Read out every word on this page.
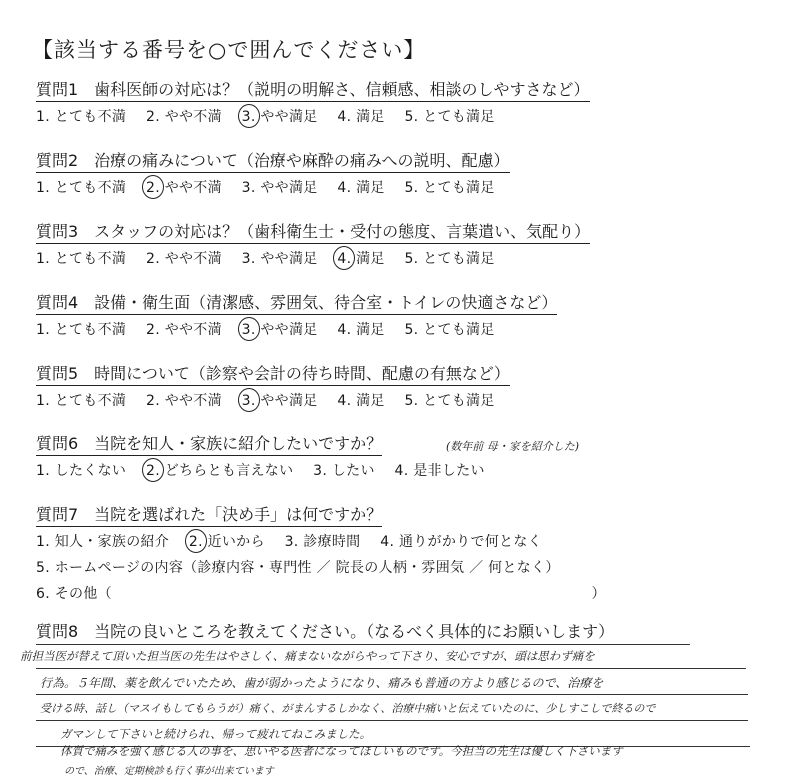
【該当する番号を○で囲んでください】
質問1　歯科医師の対応は？（説明の明解さ、信頼感、相談のしやすさなど）
1. とても不満 2. やや不満 3. やや満足 4. 満足 5. とても満足
質問2　治療の痛みについて（治療や麻酔の痛みへの説明、配慮）
1. とても不満 2. やや不満 3. やや満足 4. 満足 5. とても満足
質問3　スタッフの対応は？（歯科衛生士・受付の態度、言葉遣い、気配り）
1. とても不満 2. やや不満 3. やや満足 4. 満足 5. とても満足
質問4　設備・衛生面（清潔感、雰囲気、待合室・トイレの快適さなど）
1. とても不満 2. やや不満 3. やや満足 4. 満足 5. とても満足
質問5　時間について（診察や会計の待ち時間、配慮の有無など）
1. とても不満 2. やや不満 3. やや満足 4. 満足 5. とても満足
質問6　当院を知人・家族に紹介したいですか？
1. したくない 2. どちらとも言えない 3. したい 4. 是非したい
(数年前 母・家を紹介した)
質問7　当院を選ばれた「決め手」は何ですか？
1. 知人・家族の紹介 2. 近いから 3. 診療時間 4. 通りがかりで何となく
5. ホームページの内容（診療内容・専門性 ／ 院長の人柄・雰囲気 ／ 何となく）
6. その他（	）
質問8　当院の良いところを教えてください。（なるべく具体的にお願いします）
前担当医が替えて頂いた担当医の先生はやさしく、痛まないながらやって下さり、安心ですが、頭は思わず痛を
行為。５年間、薬を飲んでいたため、歯が弱かったようになり、痛みも普通の方より感じるので、治療を
受ける時、話し（マスイもしてもらうが）痛く、がまんするしかなく、治療中痛いと伝えていたのに、少しすこしで終るので
ガマンして下さいと続けられ、帰って疲れてねこみました。
体質で痛みを強く感じる人の事を、思いやる医者になってほしいものです。今担当の先生は優しく下さいます
ので、治療、定期検診も行く事が出来ています
